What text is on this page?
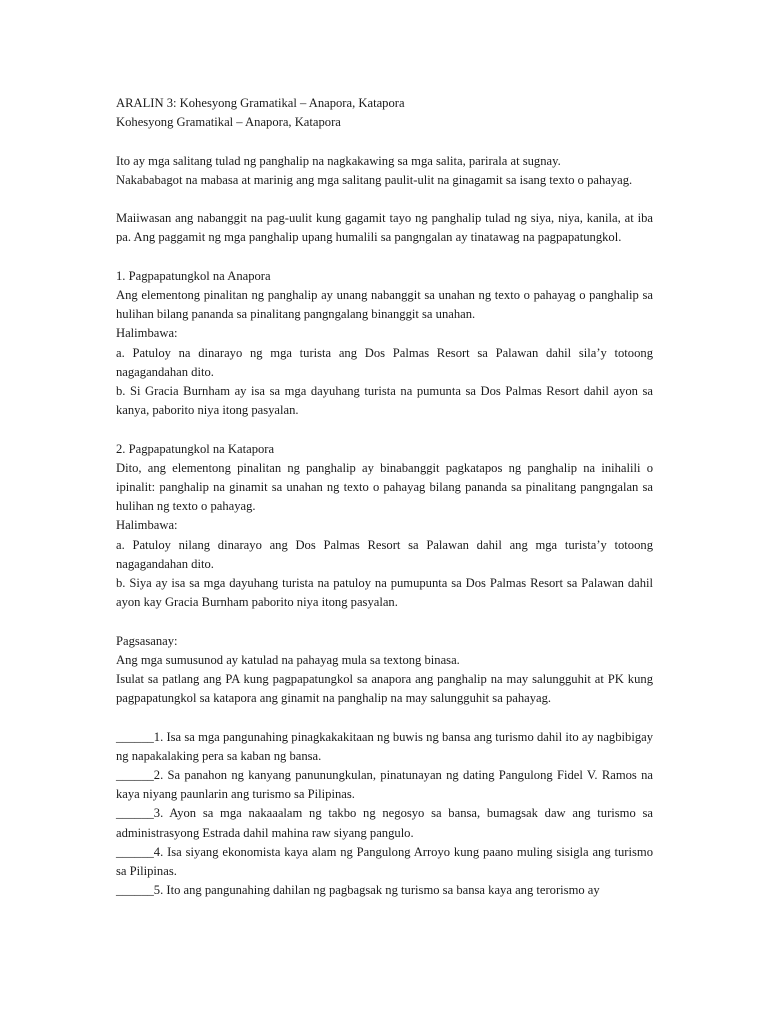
ARALIN 3: Kohesyong Gramatikal – Anapora, Katapora

Kohesyong Gramatikal – Anapora, Katapora

Ito ay mga salitang tulad ng panghalip na nagkakawing sa mga salita, parirala at sugnay.

Nakababagot na mabasa at marinig ang mga salitang paulit-ulit na ginagamit sa isang texto o pahayag.

Maiiwasan ang nabanggit na pag-uulit kung gagamit tayo ng panghalip tulad ng siya, niya, kanila, at iba pa. Ang paggamit ng mga panghalip upang humalili sa pangngalan ay tinatawag na pagpapatungkol.

1. Pagpapatungkol na Anapora

Ang elementong pinalitan ng panghalip ay unang nabanggit sa unahan ng texto o pahayag o panghalip sa hulihan bilang pananda sa pinalitang pangngalang binanggit sa unahan.

Halimbawa:

a. Patuloy na dinarayo ng mga turista ang Dos Palmas Resort sa Palawan dahil sila’y totoong nagagandahan dito.

b. Si Gracia Burnham ay isa sa mga dayuhang turista na pumunta sa Dos Palmas Resort dahil ayon sa kanya, paborito niya itong pasyalan.

2. Pagpapatungkol na Katapora

Dito, ang elementong pinalitan ng panghalip ay binabanggit pagkatapos ng panghalip na inihalili o ipinalit: panghalip na ginamit sa unahan ng texto o pahayag bilang pananda sa pinalitang pangngalan sa hulihan ng texto o pahayag.

Halimbawa:

a. Patuloy nilang dinarayo ang Dos Palmas Resort sa Palawan dahil ang mga turista’y totoong nagagandahan dito.

b. Siya ay isa sa mga dayuhang turista na patuloy na pumupunta sa Dos Palmas Resort sa Palawan dahil ayon kay Gracia Burnham paborito niya itong pasyalan.

Pagsasanay:

Ang mga sumusunod ay katulad na pahayag mula sa textong binasa.

Isulat sa patlang ang PA kung pagpapatungkol sa anapora ang panghalip na may salungguhit at PK kung pagpapatungkol sa katapora ang ginamit na panghalip na may salungguhit sa pahayag.

______1. Isa sa mga pangunahing pinagkakakitaan ng buwis ng bansa ang turismo dahil ito ay nagbibigay ng napakalaking pera sa kaban ng bansa.

______2. Sa panahon ng kanyang panunungkulan, pinatunayan ng dating Pangulong Fidel V. Ramos na kaya niyang paunlarin ang turismo sa Pilipinas.

______3. Ayon sa mga nakaaalam ng takbo ng negosyo sa bansa, bumagsak daw ang turismo sa administrasyong Estrada dahil mahina raw siyang pangulo.

______4. Isa siyang ekonomista kaya alam ng Pangulong Arroyo kung paano muling sisigla ang turismo sa Pilipinas.

______5. Ito ang pangunahing dahilan ng pagbagsak ng turismo sa bansa kaya ang terorismo ay
